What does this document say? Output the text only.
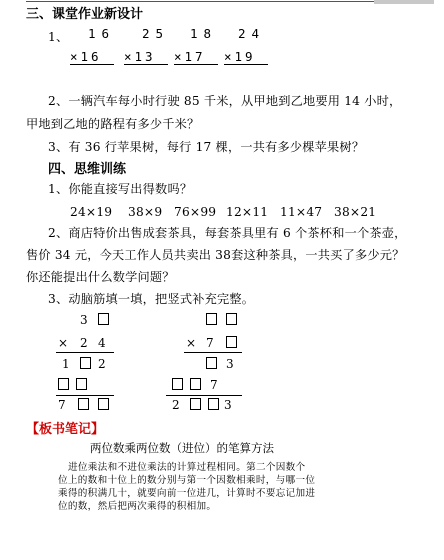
三、课堂作业新设计
1、 16 25 18 24
×16 ×13 ×17 ×19
2、一辆汽车每小时行驶 85 千米，从甲地到乙地要用 14 小时，
甲地到乙地的路程有多少千米？
3、有 36 行苹果树，每行 17 棵，一共有多少棵苹果树？
四、思维训练
1、你能直接写出得数吗？
24×19 38×9 76×99 12×11 11×47 38×21
2、商店特价出售成套茶具，每套茶具里有 6 个茶杯和一个茶壶，
售价 34 元，今天工作人员共卖出 38套这种茶具，一共买了多少元？
你还能提出什么数学问题？
3、动脑筋填一填，把竖式补充完整。
3
× 2 4
1 2
7
× 7
3
7
2	3
【板书笔记】
两位数乘两位数（进位）的笔算方法
进位乘法和不进位乘法的计算过程相同。第二个因数个
位上的数和十位上的数分别与第一个因数相乘时，与哪一位
乘得的积满几十，就要向前一位进几，计算时不要忘记加进
位的数，然后把两次乘得的积相加。
